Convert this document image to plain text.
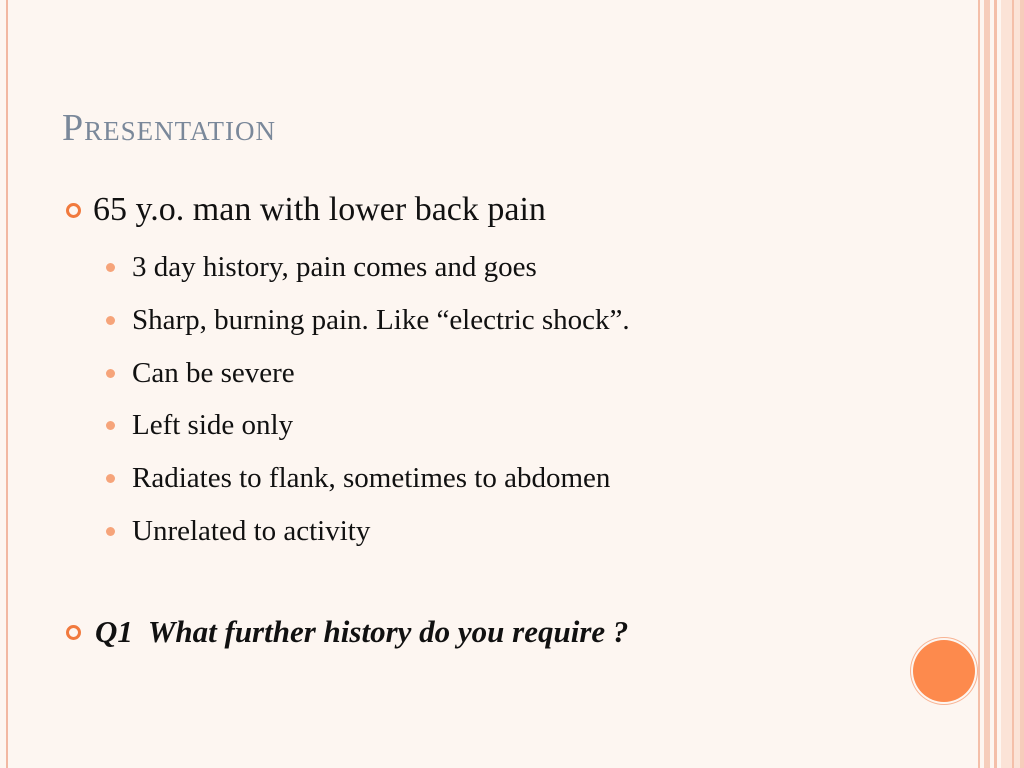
Presentation
65 y.o. man with lower back pain
3 day history, pain comes and goes
Sharp, burning pain. Like “electric shock”.
Can be severe
Left side only
Radiates to flank, sometimes to abdomen
Unrelated to activity
Q1  What further history do you require ?
